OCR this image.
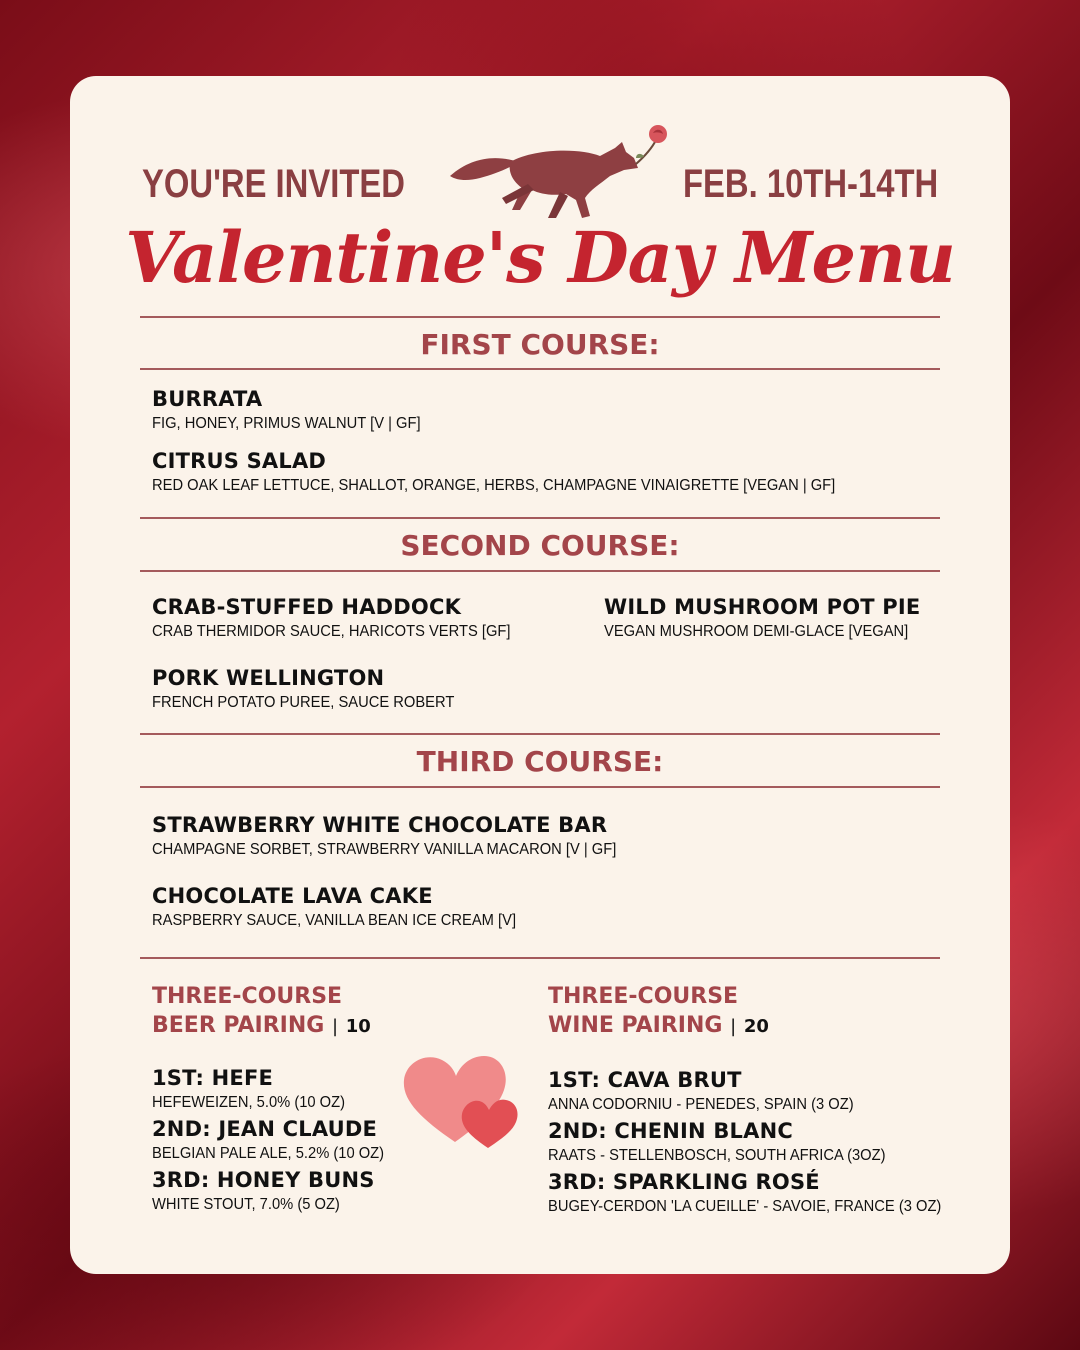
YOU'RE INVITED	FEB. 10TH-14TH
Valentine's Day Menu
FIRST COURSE:
BURRATA
FIG, HONEY, PRIMUS WALNUT [V | GF]
CITRUS SALAD
RED OAK LEAF LETTUCE, SHALLOT, ORANGE, HERBS, CHAMPAGNE VINAIGRETTE [VEGAN | GF]
SECOND COURSE:
CRAB-STUFFED HADDOCK
CRAB THERMIDOR SAUCE, HARICOTS VERTS [GF]
WILD MUSHROOM POT PIE
VEGAN MUSHROOM DEMI-GLACE [VEGAN]
PORK WELLINGTON
FRENCH POTATO PUREE, SAUCE ROBERT
THIRD COURSE:
STRAWBERRY WHITE CHOCOLATE BAR
CHAMPAGNE SORBET, STRAWBERRY VANILLA MACARON [V | GF]
CHOCOLATE LAVA CAKE
RASPBERRY SAUCE, VANILLA BEAN ICE CREAM [V]
THREE-COURSE
BEER PAIRING | 10
1ST: HEFE
HEFEWEIZEN, 5.0% (10 OZ)
2ND: JEAN CLAUDE
BELGIAN PALE ALE, 5.2% (10 OZ)
3RD: HONEY BUNS
WHITE STOUT, 7.0% (5 OZ)
THREE-COURSE
WINE PAIRING | 20
1ST: CAVA BRUT
ANNA CODORNIU - PENEDES, SPAIN (3 OZ)
2ND: CHENIN BLANC
RAATS - STELLENBOSCH, SOUTH AFRICA (3OZ)
3RD: SPARKLING ROSÉ
BUGEY-CERDON 'LA CUEILLE' - SAVOIE, FRANCE (3 OZ)
